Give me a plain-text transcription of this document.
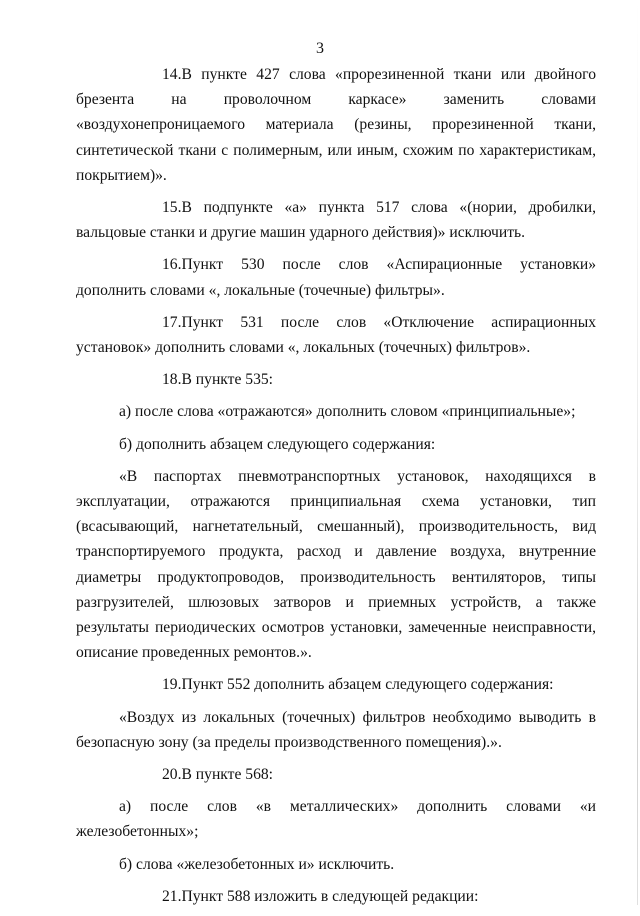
3

14.В пункте 427 слова «прорезиненной ткани или двойного брезента на проволочном каркасе» заменить словами «воздухонепроницаемого материала (резины, прорезиненной ткани, синтетической ткани с полимерным, или иным, схожим по характеристикам, покрытием)».

15.В подпункте «а» пункта 517 слова «(нории, дробилки, вальцовые станки и другие машин ударного действия)» исключить.

16.Пункт 530 после слов «Аспирационные установки» дополнить словами «, локальные (точечные) фильтры».

17.Пункт 531 после слов «Отключение аспирационных установок» дополнить словами «, локальных (точечных) фильтров».

18.В пункте 535:

а) после слова «отражаются» дополнить словом «принципиальные»;

б) дополнить абзацем следующего содержания:

«В паспортах пневмотранспортных установок, находящихся в эксплуатации, отражаются принципиальная схема установки, тип (всасывающий, нагнетательный, смешанный), производительность, вид транспортируемого продукта, расход и давление воздуха, внутренние диаметры продуктопроводов, производительность вентиляторов, типы разгрузителей, шлюзовых затворов и приемных устройств, а также результаты периодических осмотров установки, замеченные неисправности, описание проведенных ремонтов.».

19.Пункт 552 дополнить абзацем следующего содержания:

«Воздух из локальных (точечных) фильтров необходимо выводить в безопасную зону (за пределы производственного помещения).».

20.В пункте 568:

а) после слов «в металлических» дополнить словами «и железобетонных»;

б) слова «железобетонных и» исключить.

21.Пункт 588 изложить в следующей редакции:
